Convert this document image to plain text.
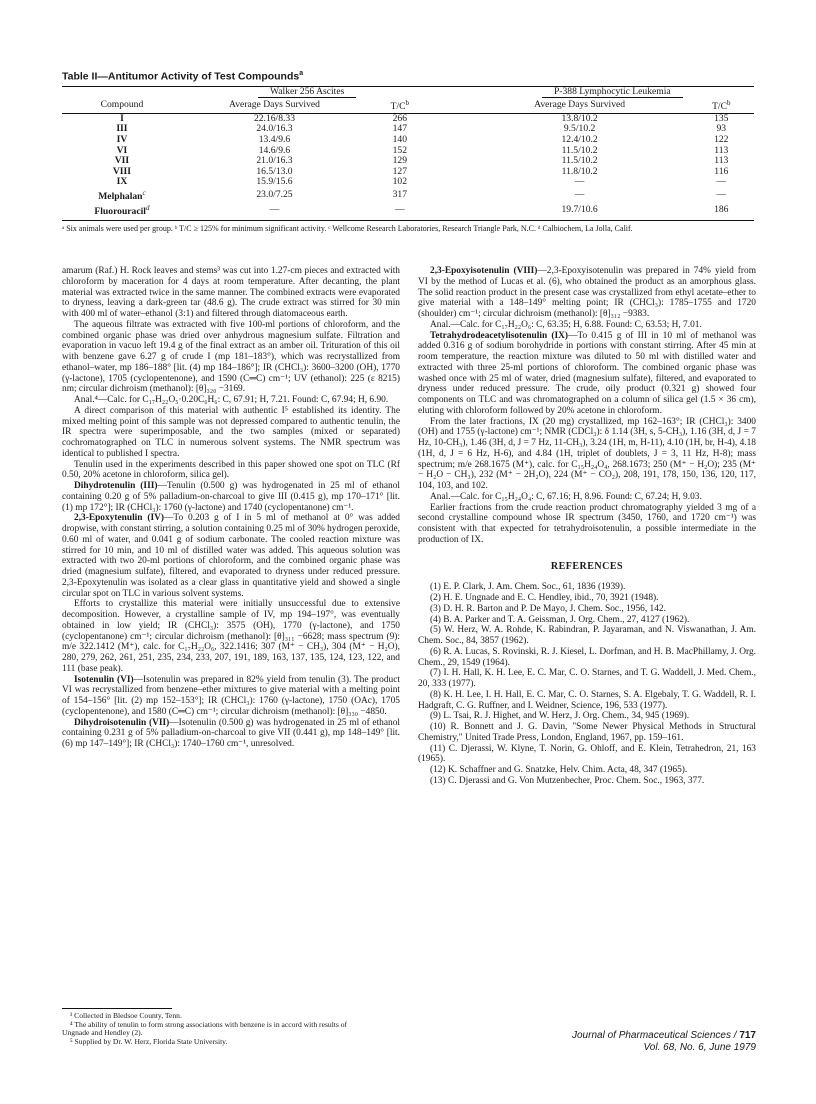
Table II—Antitumor Activity of Test Compounds$^a$
	Walker 256 Ascites			P-388 Lymphocytic Leukemia	
Compound	Average Days Survived	$T/C^b$		Average Days Survived	$T/C^b$

I	22.16/8.33	266		13.8/10.2	135
III	24.0/16.3	147		9.5/10.2	93
IV	13.4/9.6	140		12.4/10.2	122
VI	14.6/9.6	152		11.5/10.2	113
VII	21.0/16.3	129		11.5/10.2	113
VIII	16.5/13.0	127		11.8/10.2	116
IX	15.9/15.6	102		—	—
Melphalan$^c$	23.0/7.25	317		—	—
Fluorouracil$^d$	—	—		19.7/10.6	186
ᵃ Six animals were used per group. ᵇ T/C ≥ 125% for minimum significant activity. ᶜ Wellcome Research Laboratories, Research Triangle Park, N.C. ᵈ Calbiochem, La Jolla, Calif.

amarum (Raf.) H. Rock leaves and stems³ was cut into 1.27-cm pieces and extracted with chloroform by maceration for 4 days at room temperature. After decanting, the plant material was extracted twice in the same manner. The combined extracts were evaporated to dryness, leaving a dark-green tar (48.6 g). The crude extract was stirred for 30 min with 400 ml of water–ethanol (3:1) and filtered through diatomaceous earth.

The aqueous filtrate was extracted with five 100-ml portions of chloroform, and the combined organic phase was dried over anhydrous magnesium sulfate. Filtration and evaporation in vacuo left 19.4 g of the final extract as an amber oil. Trituration of this oil with benzene gave 6.27 g of crude I (mp 181–183°), which was recrystallized from ethanol–water, mp 186–188° [lit. (4) mp 184–186°]; IR (CHCl₃): 3600–3200 (OH), 1770 (γ-lactone), 1705 (cyclopentenone), and 1590 (C═C) cm⁻¹; UV (ethanol): 225 (ε 8215) nm; circular dichroism (methanol): [θ]₃₂₀ −3169.

Anal.⁴—Calc. for C₁₇H₂₂O₅·0.20C₆H₆: C, 67.91; H, 7.21. Found: C, 67.94; H, 6.90.

A direct comparison of this material with authentic I⁵ established its identity. The mixed melting point of this sample was not depressed compared to authentic tenulin, the IR spectra were superimposable, and the two samples (mixed or separated) cochromatographed on TLC in numerous solvent systems. The NMR spectrum was identical to published I spectra.

Tenulin used in the experiments described in this paper showed one spot on TLC (Rf 0.50, 20% acetone in chloroform, silica gel).

Dihydrotenulin (III)—Tenulin (0.500 g) was hydrogenated in 25 ml of ethanol containing 0.20 g of 5% palladium-on-charcoal to give III (0.415 g), mp 170–171° [lit. (1) mp 172°]; IR (CHCl₃): 1760 (γ-lactone) and 1740 (cyclopentanone) cm⁻¹.

2,3-Epoxytenulin (IV)—To 0.203 g of I in 5 ml of methanol at 0° was added dropwise, with constant stirring, a solution containing 0.25 ml of 30% hydrogen peroxide, 0.60 ml of water, and 0.041 g of sodium carbonate. The cooled reaction mixture was stirred for 10 min, and 10 ml of distilled water was added. This aqueous solution was extracted with two 20-ml portions of chloroform, and the combined organic phase was dried (magnesium sulfate), filtered, and evaporated to dryness under reduced pressure. 2,3-Epoxytenulin was isolated as a clear glass in quantitative yield and showed a single circular spot on TLC in various solvent systems.

Efforts to crystallize this material were initially unsuccessful due to extensive decomposition. However, a crystalline sample of IV, mp 194–197°, was eventually obtained in low yield; IR (CHCl₃): 3575 (OH), 1770 (γ-lactone), and 1750 (cyclopentanone) cm⁻¹; circular dichroism (methanol): [θ]₃₁₁ −6628; mass spectrum (9): m/e 322.1412 (M⁺), calc. for C₁₇H₂₂O₆, 322.1416; 307 (M⁺ − CH₃), 304 (M⁺ − H₂O), 280, 279, 262, 261, 251, 235, 234, 233, 207, 191, 189, 163, 137, 135, 124, 123, 122, and 111 (base peak).

Isotenulin (VI)—Isotenulin was prepared in 82% yield from tenulin (3). The product VI was recrystallized from benzene–ether mixtures to give material with a melting point of 154–156° [lit. (2) mp 152–153°]; IR (CHCl₃): 1760 (γ-lactone), 1750 (OAc), 1705 (cyclopentenone), and 1580 (C═C) cm⁻¹; circular dichroism (methanol): [θ]₃₃₀ −4850.

Dihydroisotenulin (VII)—Isotenulin (0.500 g) was hydrogenated in 25 ml of ethanol containing 0.231 g of 5% palladium-on-charcoal to give VII (0.441 g), mp 148–149° [lit. (6) mp 147–149°]; IR (CHCl₃): 1740–1760 cm⁻¹, unresolved.

2,3-Epoxyisotenulin (VIII)—2,3-Epoxyisotenulin was prepared in 74% yield from VI by the method of Lucas et al. (6), who obtained the product as an amorphous glass. The solid reaction product in the present case was crystallized from ethyl acetate–ether to give material with a 148–149° melting point; IR (CHCl₃): 1785–1755 and 1720 (shoulder) cm⁻¹; circular dichroism (methanol): [θ]₃₁₂ −9383.

Anal.—Calc. for C₁₇H₂₂O₆: C, 63.35; H, 6.88. Found: C, 63.53; H, 7.01.

Tetrahydrodeacetylisotenulin (IX)—To 0.415 g of III in 10 ml of methanol was added 0.316 g of sodium borohydride in portions with constant stirring. After 45 min at room temperature, the reaction mixture was diluted to 50 ml with distilled water and extracted with three 25-ml portions of chloroform. The combined organic phase was washed once with 25 ml of water, dried (magnesium sulfate), filtered, and evaporated to dryness under reduced pressure. The crude, oily product (0.321 g) showed four components on TLC and was chromatographed on a column of silica gel (1.5 × 36 cm), eluting with chloroform followed by 20% acetone in chloroform.

From the later fractions, IX (20 mg) crystallized, mp 162–163°; IR (CHCl₃): 3400 (OH) and 1755 (γ-lactone) cm⁻¹; NMR (CDCl₃): δ 1.14 (3H, s, 5-CH₃), 1.16 (3H, d, J = 7 Hz, 10-CH₃), 1.46 (3H, d, J = 7 Hz, 11-CH₃), 3.24 (1H, m, H-11), 4.10 (1H, br, H-4), 4.18 (1H, d, J = 6 Hz, H-6), and 4.84 (1H, triplet of doublets, J = 3, 11 Hz, H-8); mass spectrum; m/e 268.1675 (M⁺), calc. for C₁₅H₂₄O₄, 268.1673; 250 (M⁺ − H₂O); 235 (M⁺ − H₂O − CH₃), 232 (M⁺ − 2H₂O), 224 (M⁺ − CO₂), 208, 191, 178, 150, 136, 120, 117, 104, 103, and 102.

Anal.—Calc. for C₁₅H₂₄O₄: C, 67.16; H, 8.96. Found: C, 67.24; H, 9.03.

Earlier fractions from the crude reaction product chromatography yielded 3 mg of a second crystalline compound whose IR spectrum (3450, 1760, and 1720 cm⁻¹) was consistent with that expected for tetrahydroisotenulin, a possible intermediate in the production of IX.

REFERENCES

(1) E. P. Clark, J. Am. Chem. Soc., 61, 1836 (1939).

(2) H. E. Ungnade and E. C. Hendley, ibid., 70, 3921 (1948).

(3) D. H. R. Barton and P. De Mayo, J. Chem. Soc., 1956, 142.

(4) B. A. Parker and T. A. Geissman, J. Org. Chem., 27, 4127 (1962).

(5) W. Herz, W. A. Rohde, K. Rabindran, P. Jayaraman, and N. Viswanathan, J. Am. Chem. Soc., 84, 3857 (1962).

(6) R. A. Lucas, S. Rovinski, R. J. Kiesel, L. Dorfman, and H. B. MacPhillamy, J. Org. Chem., 29, 1549 (1964).

(7) I. H. Hall, K. H. Lee, E. C. Mar, C. O. Starnes, and T. G. Waddell, J. Med. Chem., 20, 333 (1977).

(8) K. H. Lee, I. H. Hall, E. C. Mar, C. O. Starnes, S. A. Elgebaly, T. G. Waddell, R. I. Hadgraft, C. G. Ruffner, and I. Weidner, Science, 196, 533 (1977).

(9) L. Tsai, R. J. Highet, and W. Herz, J. Org. Chem., 34, 945 (1969).

(10) R. Bonnett and J. G. Davin, "Some Newer Physical Methods in Structural Chemistry," United Trade Press, London, England, 1967, pp. 159–161.

(11) C. Djerassi, W. Klyne, T. Norin, G. Ohloff, and E. Klein, Tetrahedron, 21, 163 (1965).

(12) K. Schaffner and G. Snatzke, Helv. Chim. Acta, 48, 347 (1965).

(13) C. Djerassi and G. Von Mutzenbecher, Proc. Chem. Soc., 1963, 377.

³ Collected in Bledsoe County, Tenn.

⁴ The ability of tenulin to form strong associations with benzene is in accord with results of Ungnade and Hendley (2).

⁵ Supplied by Dr. W. Herz, Florida State University.

Journal of Pharmaceutical Sciences / 717
Vol. 68, No. 6, June 1979
